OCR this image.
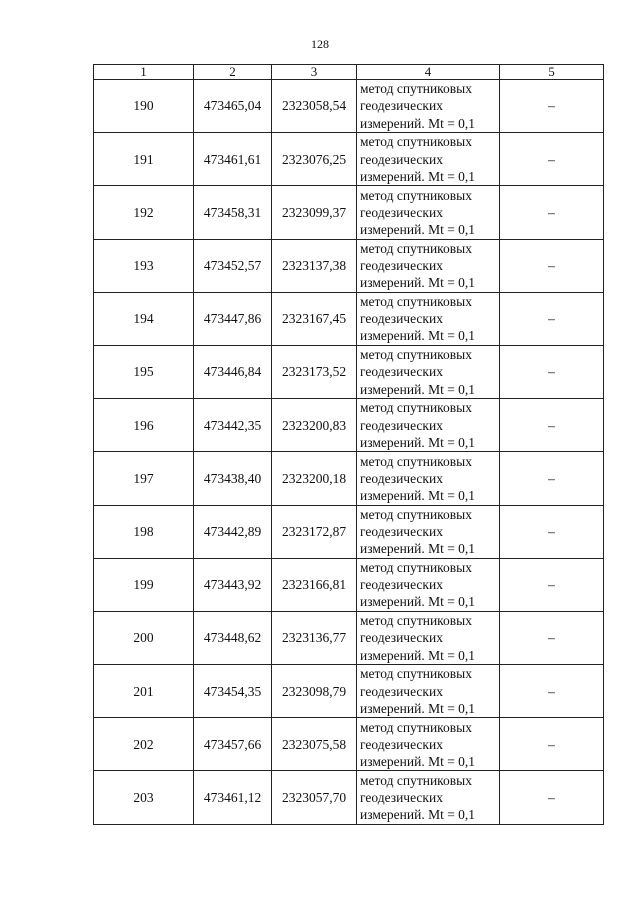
128
1	2	3	4	5
190	473465,04	2323058,54	метод спутниковых
геодезических
измерений. Mt = 0,1	–
191	473461,61	2323076,25	метод спутниковых
геодезических
измерений. Mt = 0,1	–
192	473458,31	2323099,37	метод спутниковых
геодезических
измерений. Mt = 0,1	–
193	473452,57	2323137,38	метод спутниковых
геодезических
измерений. Mt = 0,1	–
194	473447,86	2323167,45	метод спутниковых
геодезических
измерений. Mt = 0,1	–
195	473446,84	2323173,52	метод спутниковых
геодезических
измерений. Mt = 0,1	–
196	473442,35	2323200,83	метод спутниковых
геодезических
измерений. Mt = 0,1	–
197	473438,40	2323200,18	метод спутниковых
геодезических
измерений. Mt = 0,1	–
198	473442,89	2323172,87	метод спутниковых
геодезических
измерений. Mt = 0,1	–
199	473443,92	2323166,81	метод спутниковых
геодезических
измерений. Mt = 0,1	–
200	473448,62	2323136,77	метод спутниковых
геодезических
измерений. Mt = 0,1	–
201	473454,35	2323098,79	метод спутниковых
геодезических
измерений. Mt = 0,1	–
202	473457,66	2323075,58	метод спутниковых
геодезических
измерений. Mt = 0,1	–
203	473461,12	2323057,70	метод спутниковых
геодезических
измерений. Mt = 0,1	–
